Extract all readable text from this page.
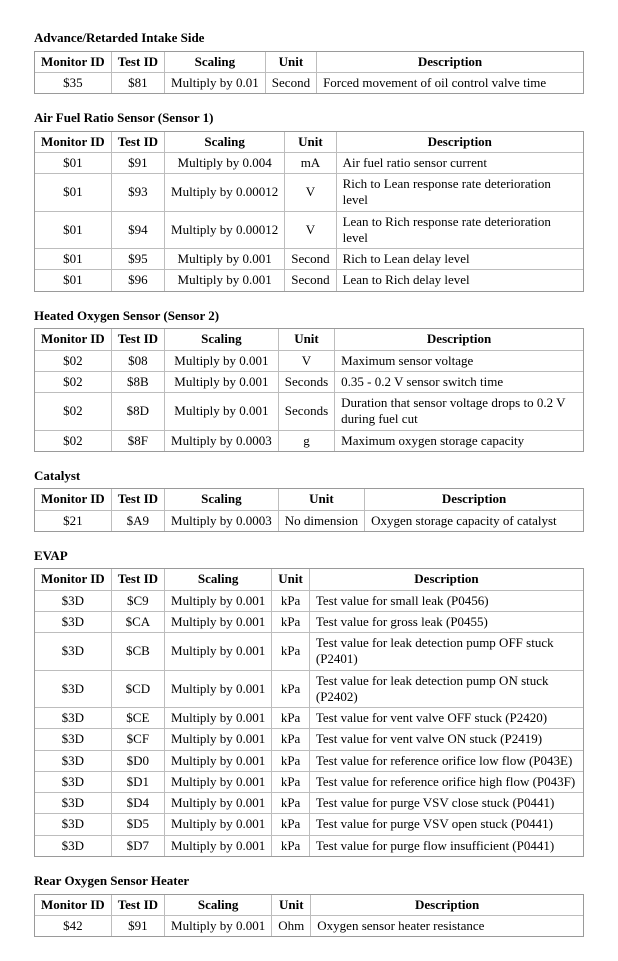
Advance/Retarded Intake Side
Monitor ID	Test ID	Scaling	Unit	Description
$35	$81	Multiply by 0.01	Second	Forced movement of oil control valve time
Air Fuel Ratio Sensor (Sensor 1)
Monitor ID	Test ID	Scaling	Unit	Description
$01	$91	Multiply by 0.004	mA	Air fuel ratio sensor current
$01	$93	Multiply by 0.00012	V	Rich to Lean response rate deterioration level
$01	$94	Multiply by 0.00012	V	Lean to Rich response rate deterioration level
$01	$95	Multiply by 0.001	Second	Rich to Lean delay level
$01	$96	Multiply by 0.001	Second	Lean to Rich delay level
Heated Oxygen Sensor (Sensor 2)
Monitor ID	Test ID	Scaling	Unit	Description
$02	$08	Multiply by 0.001	V	Maximum sensor voltage
$02	$8B	Multiply by 0.001	Seconds	0.35 - 0.2 V sensor switch time
$02	$8D	Multiply by 0.001	Seconds	Duration that sensor voltage drops to 0.2 V during fuel cut
$02	$8F	Multiply by 0.0003	g	Maximum oxygen storage capacity
Catalyst
Monitor ID	Test ID	Scaling	Unit	Description
$21	$A9	Multiply by 0.0003	No dimension	Oxygen storage capacity of catalyst
EVAP
Monitor ID	Test ID	Scaling	Unit	Description
$3D	$C9	Multiply by 0.001	kPa	Test value for small leak (P0456)
$3D	$CA	Multiply by 0.001	kPa	Test value for gross leak (P0455)
$3D	$CB	Multiply by 0.001	kPa	Test value for leak detection pump OFF stuck (P2401)
$3D	$CD	Multiply by 0.001	kPa	Test value for leak detection pump ON stuck (P2402)
$3D	$CE	Multiply by 0.001	kPa	Test value for vent valve OFF stuck (P2420)
$3D	$CF	Multiply by 0.001	kPa	Test value for vent valve ON stuck (P2419)
$3D	$D0	Multiply by 0.001	kPa	Test value for reference orifice low flow (P043E)
$3D	$D1	Multiply by 0.001	kPa	Test value for reference orifice high flow (P043F)
$3D	$D4	Multiply by 0.001	kPa	Test value for purge VSV close stuck (P0441)
$3D	$D5	Multiply by 0.001	kPa	Test value for purge VSV open stuck (P0441)
$3D	$D7	Multiply by 0.001	kPa	Test value for purge flow insufficient (P0441)
Rear Oxygen Sensor Heater
Monitor ID	Test ID	Scaling	Unit	Description
$42	$91	Multiply by 0.001	Ohm	Oxygen sensor heater resistance
